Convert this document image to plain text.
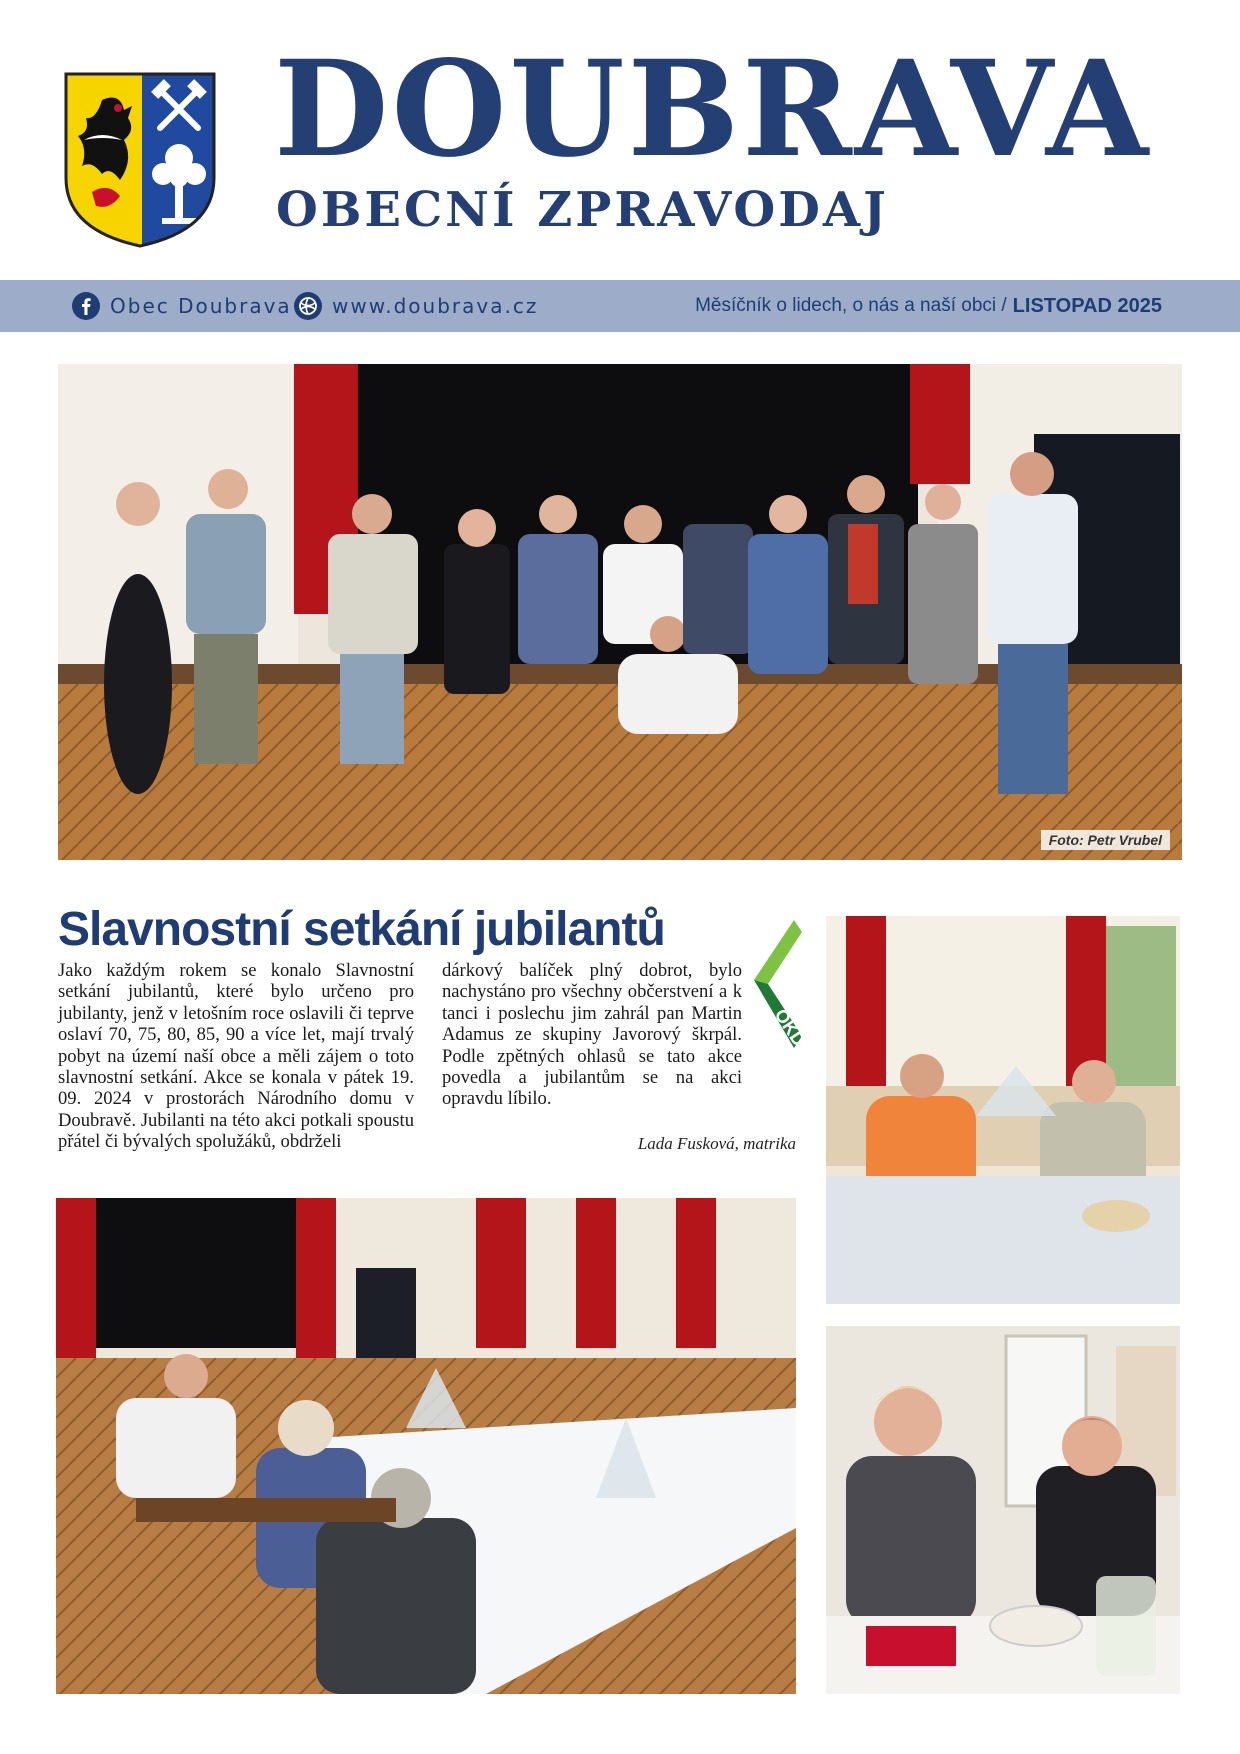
DOUBRAVA
OBECNÍ ZPRAVODAJ
Obec Doubrava www.doubrava.cz	Měsíčník o lidech, o nás a naší obci / LISTOPAD 2025
Foto: Petr Vrubel
Slavnostní setkání jubilantů

Jako každým rokem se konalo Slavnostní setkání jubilantů, které bylo určeno pro jubilanty, jenž v letošním roce oslavili či teprve oslaví 70, 75, 80, 85, 90 a více let, mají trvalý pobyt na území naší obce a měli zájem o toto slavnostní setkání. Akce se konala v pátek 19. 09. 2024 v prostorách Národního domu v Doubravě. Jubilanti na této akci potkali spoustu přátel či bývalých spolužáků, obdrželi

dárkový balíček plný dobrot, bylo nachystáno pro všechny občerstvení a k tanci i poslechu jim zahrál pan Martin Adamus ze skupiny Javorový škrpál. Podle zpětných ohlasů se tato akce povedla a jubilantům se na akci opravdu líbilo.

Lada Fusková, matrika
nadace
OKD
